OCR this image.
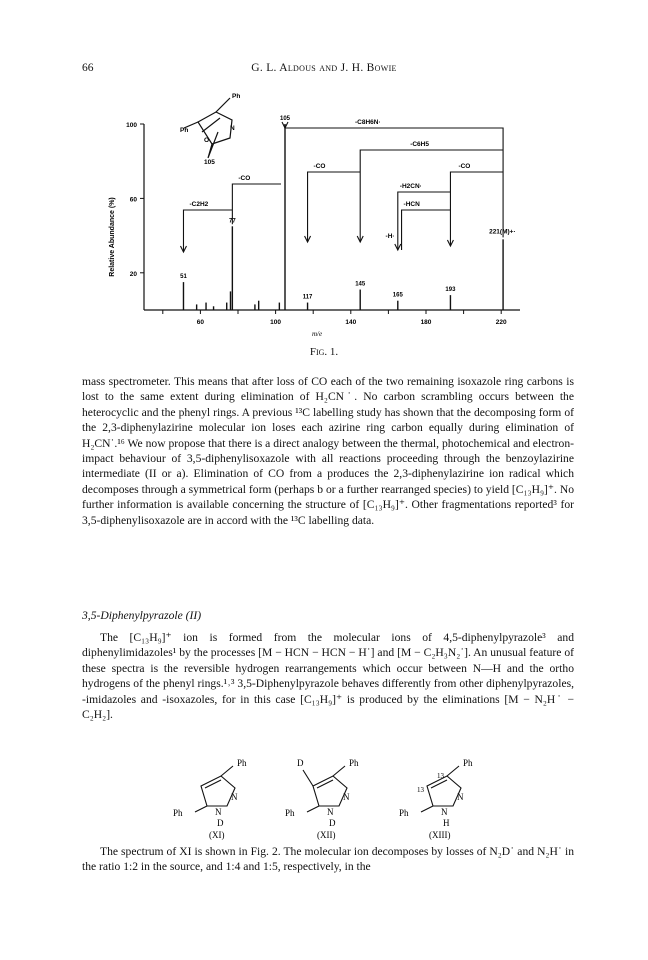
66	G. L. Aldous and J. H. Bowie
100
60
20
60	100	140	180	220
m/e
Relative Abundance (%)
51
77
105
117
145
165
193
-C8H6N·
-C6H5
-CO
-CO
-CO
-H2CN·
-HCN
-H·
-C2H2
221(M)+·
Ph
Ph
O
N
105
Fig. 1.

mass spectrometer. This means that after loss of CO each of the two remaining isoxazole ring carbons is lost to the same extent during elimination of H₂CN˙. No carbon scrambling occurs between the heterocyclic and the phenyl rings. A previous ¹³C labelling study has shown that the decomposing form of the 2,3-diphenylazirine molecular ion loses each azirine ring carbon equally during elimination of H₂CN˙.¹⁶ We now propose that there is a direct analogy between the thermal, photochemical and electron-impact behaviour of 3,5-diphenylisoxazole with all reactions proceeding through the benzoylazirine intermediate (II or a). Elimination of CO from a produces the 2,3-diphenylazirine ion radical which decomposes through a symmetrical form (perhaps b or a further rearranged species) to yield [C₁₃H₉]⁺. No further information is available concerning the structure of [C₁₃H₉]⁺. Other fragmentations reported³ for 3,5-diphenylisoxazole are in accord with the ¹³C labelling data.

3,5-Diphenylpyrazole (II)

The [C₁₃H₉]⁺ ion is formed from the molecular ions of 4,5-diphenylpyrazole³ and diphenylimidazoles¹ by the processes [M − HCN − HCN − H˙] and [M − C₂H₃N₂˙]. An unusual feature of these spectra is the reversible hydrogen rearrangements which occur between N—H and the ortho hydrogens of the phenyl rings.¹˒³ 3,5-Diphenylpyrazole behaves differently from other diphenylpyrazoles, -imidazoles and -isoxazoles, for in this case [C₁₃H₉]⁺ is produced by the eliminations [M − N₂H˙ − C₂H₂].

Ph
Ph
N
N
D
(XI)
D	Ph
Ph
N
N
D
(XII)
Ph
Ph
N
N
H
13
13
(XIII)

The spectrum of XI is shown in Fig. 2. The molecular ion decomposes by losses of N₂D˙ and N₂H˙ in the ratio 1:2 in the source, and 1:4 and 1:5, respectively, in the
